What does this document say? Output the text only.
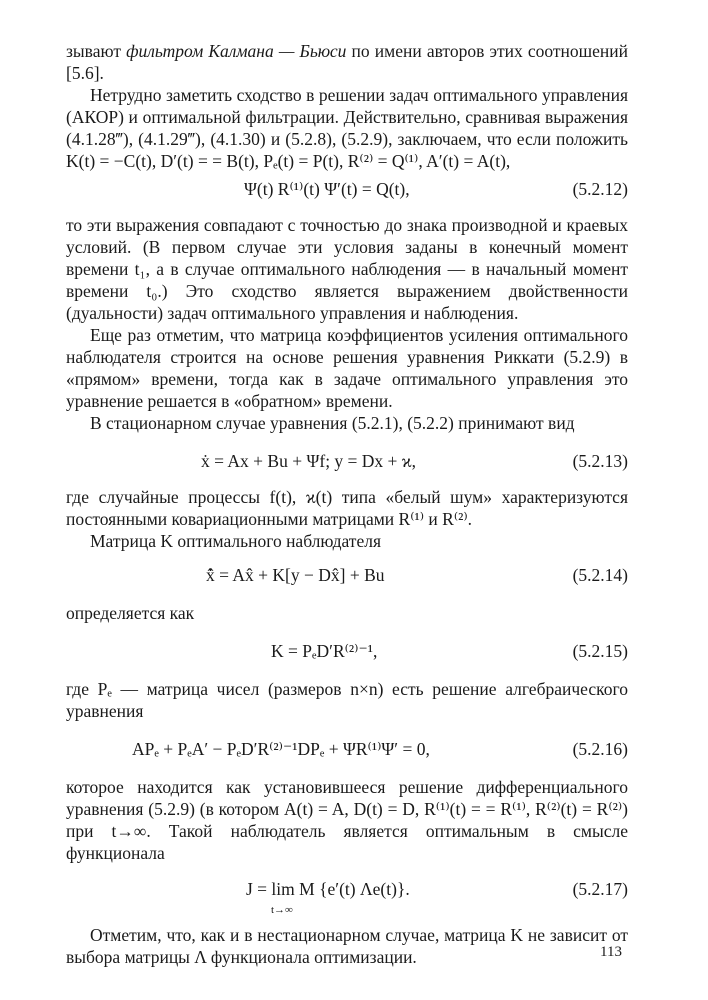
зывают фильтром Калмана — Бьюси по имени авторов этих соотношений [5.6].

Нетрудно заметить сходство в решении задач оптимального управления (АКОР) и оптимальной фильтрации. Действительно, сравнивая выражения (4.1.28‴), (4.1.29‴), (4.1.30) и (5.2.8), (5.2.9), заключаем, что если положить K(t) = −C(t), D′(t) = = B(t), Pₑ(t) = P(t), R⁽²⁾ = Q⁽¹⁾, A′(t) = A(t),

Ψ(t) R⁽¹⁾(t) Ψ′(t) = Q(t),	(5.2.12)

то эти выражения совпадают с точностью до знака производной и краевых условий. (В первом случае эти условия заданы в конечный момент времени t₁, а в случае оптимального наблюдения — в начальный момент времени t₀.) Это сходство является выражением двойственности (дуальности) задач оптимального управления и наблюдения.

Еще раз отметим, что матрица коэффициентов усиления оптимального наблюдателя строится на основе решения уравнения Риккати (5.2.9) в «прямом» времени, тогда как в задаче оптимального управления это уравнение решается в «обратном» времени.

В стационарном случае уравнения (5.2.1), (5.2.2) принимают вид

ẋ = Ax + Bu + Ψf; y = Dx + ϰ,	(5.2.13)

где случайные процессы f(t), ϰ(t) типа «белый шум» характеризуются постоянными ковариационными матрицами R⁽¹⁾ и R⁽²⁾.

Матрица K оптимального наблюдателя

x̂̇ = Ax̂ + K[y − Dx̂] + Bu	(5.2.14)

определяется как

K = PₑD′R⁽²⁾⁻¹,	(5.2.15)

где Pₑ — матрица чисел (размеров n×n) есть решение алгебраического уравнения

APₑ + PₑA′ − PₑD′R⁽²⁾⁻¹DPₑ + ΨR⁽¹⁾Ψ′ = 0,	(5.2.16)

которое находится как установившееся решение дифференциального уравнения (5.2.9) (в котором A(t) = A, D(t) = D, R⁽¹⁾(t) = = R⁽¹⁾, R⁽²⁾(t) = R⁽²⁾) при t→∞. Такой наблюдатель является оптимальным в смысле функционала

J = lim M {e′(t) Λe(t)}.
t→∞
(5.2.17)

Отметим, что, как и в нестационарном случае, матрица K не зависит от выбора матрицы Λ функционала оптимизации.	113
